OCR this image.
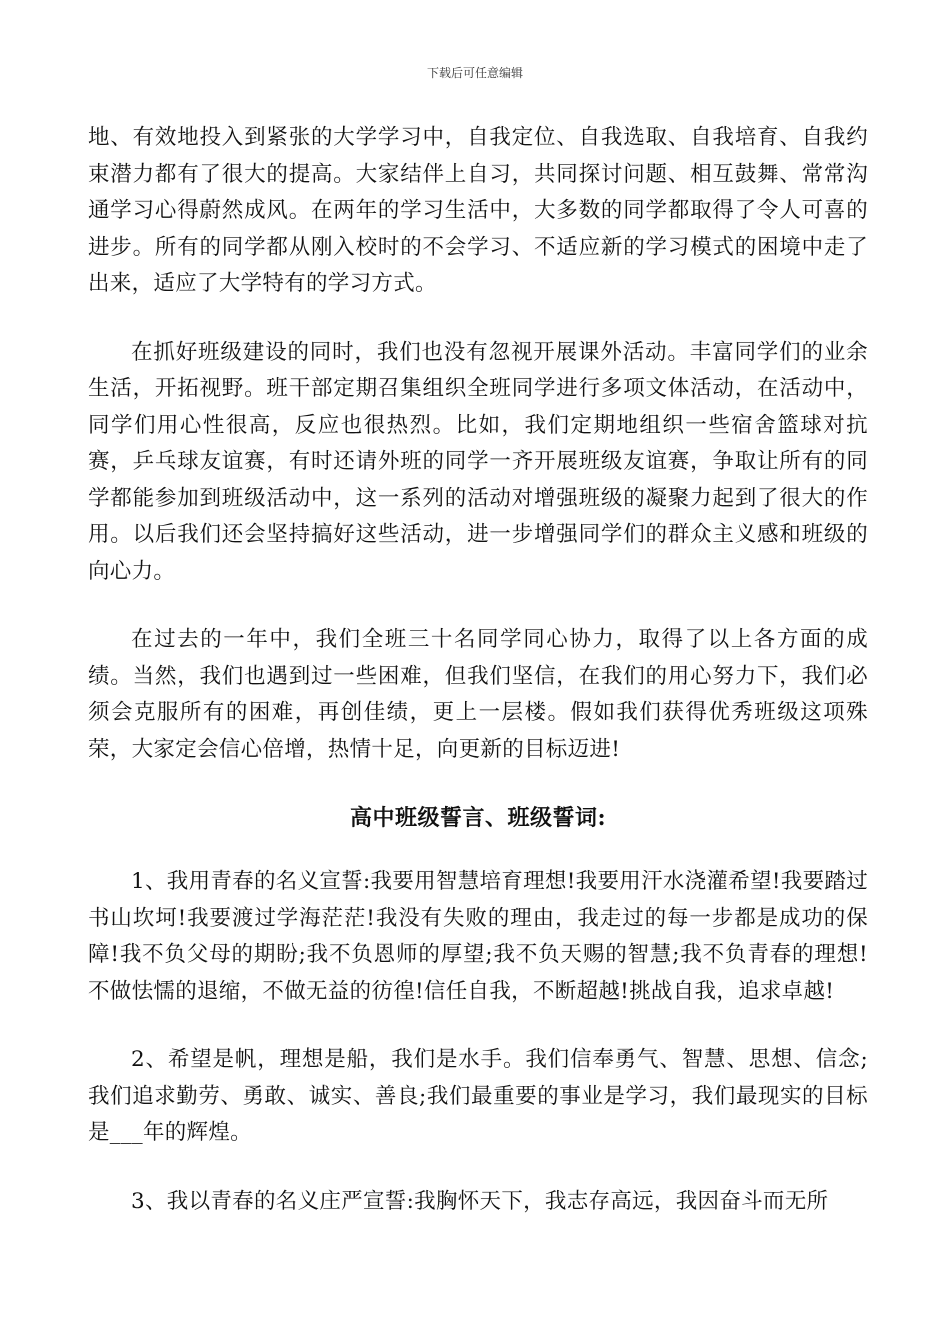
下载后可任意编辑

地、有效地投入到紧张的大学学习中，自我定位、自我选取、自我培育、自我约束潜力都有了很大的提高。大家结伴上自习，共同探讨问题、相互鼓舞、常常沟通学习心得蔚然成风。在两年的学习生活中，大多数的同学都取得了令人可喜的进步。所有的同学都从刚入校时的不会学习、不适应新的学习模式的困境中走了出来，适应了大学特有的学习方式。

在抓好班级建设的同时，我们也没有忽视开展课外活动。丰富同学们的业余生活，开拓视野。班干部定期召集组织全班同学进行多项文体活动，在活动中，同学们用心性很高，反应也很热烈。比如，我们定期地组织一些宿舍篮球对抗赛，乒乓球友谊赛，有时还请外班的同学一齐开展班级友谊赛，争取让所有的同学都能参加到班级活动中，这一系列的活动对增强班级的凝聚力起到了很大的作用。以后我们还会坚持搞好这些活动，进一步增强同学们的群众主义感和班级的向心力。

在过去的一年中，我们全班三十名同学同心协力，取得了以上各方面的成绩。当然，我们也遇到过一些困难，但我们坚信，在我们的用心努力下，我们必须会克服所有的困难，再创佳绩，更上一层楼。假如我们获得优秀班级这项殊荣，大家定会信心倍增，热情十足，向更新的目标迈进!

高中班级誓言、班级誓词:

1、我用青春的名义宣誓:我要用智慧培育理想!我要用汗水浇灌希望!我要踏过书山坎坷!我要渡过学海茫茫!我没有失败的理由，我走过的每一步都是成功的保障!我不负父母的期盼;我不负恩师的厚望;我不负天赐的智慧;我不负青春的理想!不做怯懦的退缩，不做无益的彷徨!信任自我，不断超越!挑战自我，追求卓越!

2、希望是帆，理想是船，我们是水手。我们信奉勇气、智慧、思想、信念;我们追求勤劳、勇敢、诚实、善良;我们最重要的事业是学习，我们最现实的目标是___年的辉煌。

3、我以青春的名义庄严宣誓:我胸怀天下，我志存高远，我因奋斗而无所
